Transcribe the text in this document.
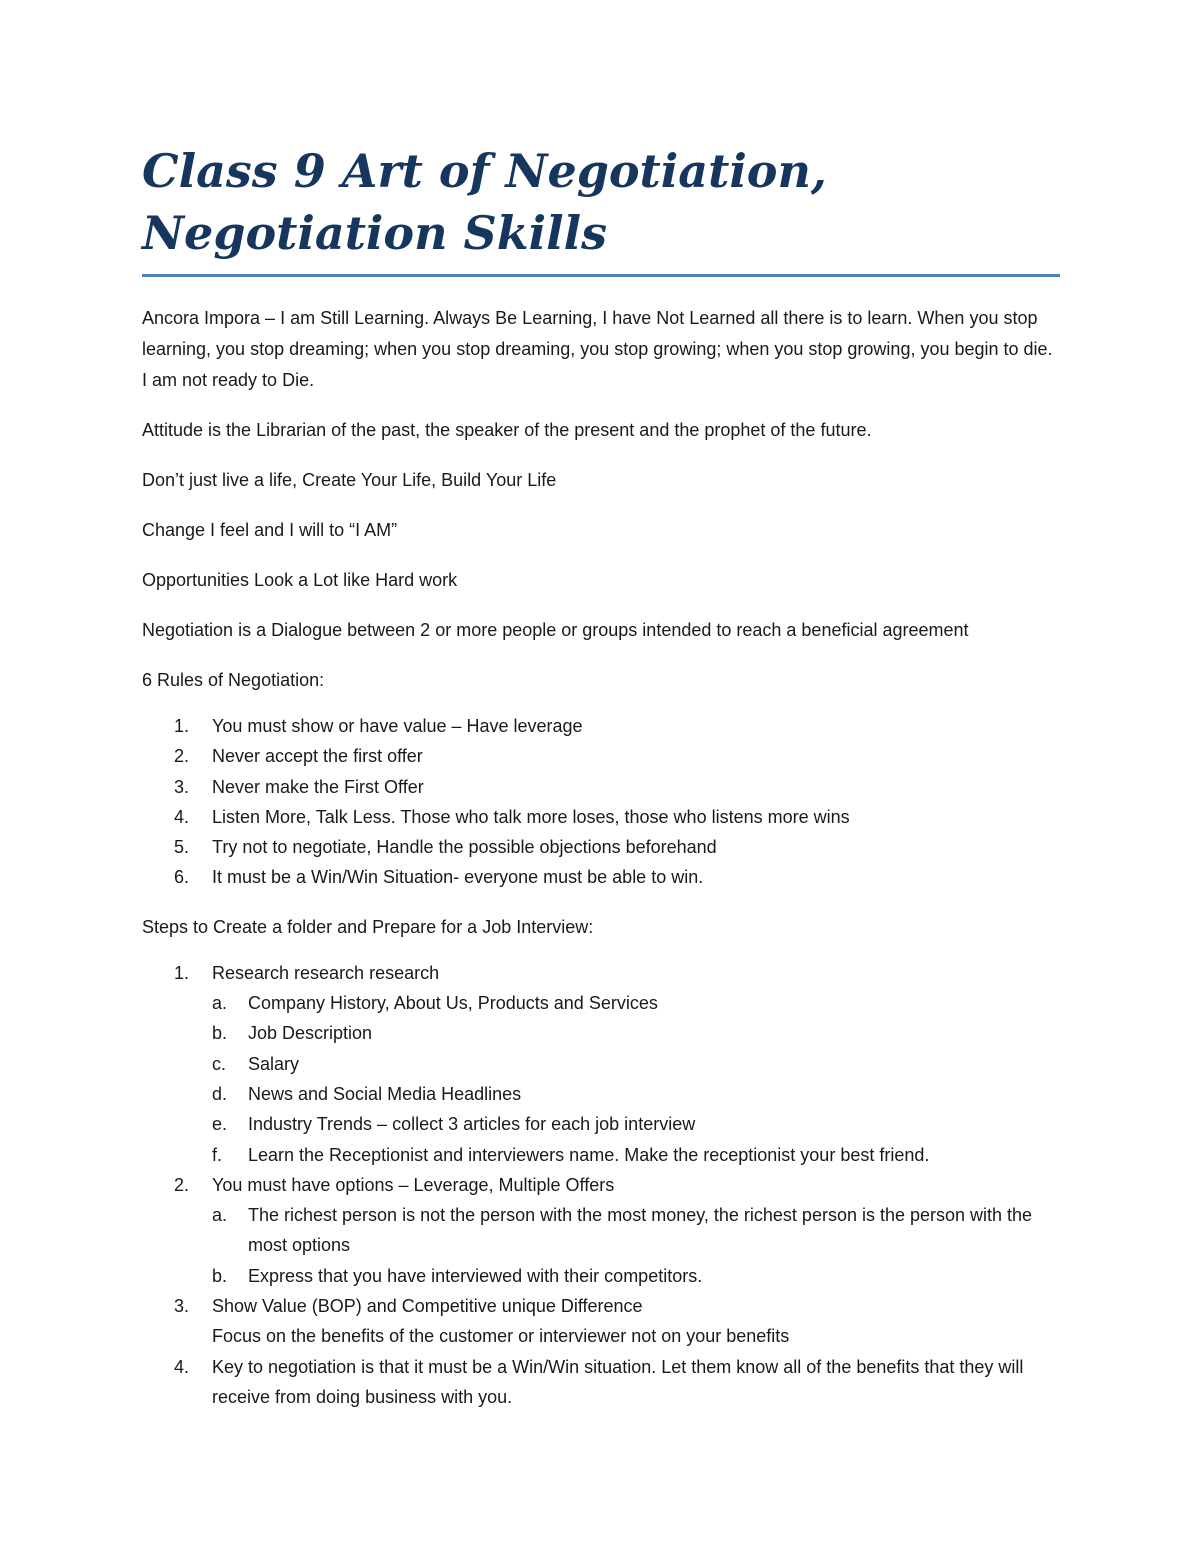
Class 9 Art of Negotiation, Negotiation Skills

Ancora Impora – I am Still Learning. Always Be Learning, I have Not Learned all there is to learn. When you stop learning, you stop dreaming; when you stop dreaming, you stop growing; when you stop growing, you begin to die. I am not ready to Die.

Attitude is the Librarian of the past, the speaker of the present and the prophet of the future.

Don’t just live a life, Create Your Life, Build Your Life

Change I feel and I will to “I AM”

Opportunities Look a Lot like Hard work

Negotiation is a Dialogue between 2 or more people or groups intended to reach a beneficial agreement

6 Rules of Negotiation:

1.	You must show or have value – Have leverage
2.	Never accept the first offer
3.	Never make the First Offer
4.	Listen More, Talk Less. Those who talk more loses, those who listens more wins
5.	Try not to negotiate, Handle the possible objections beforehand
6.	It must be a Win/Win Situation- everyone must be able to win.

Steps to Create a folder and Prepare for a Job Interview:

1.	Research research research
a.	Company History, About Us, Products and Services
b.	Job Description
c.	Salary
d.	News and Social Media Headlines
e.	Industry Trends – collect 3 articles for each job interview
f.	Learn the Receptionist and interviewers name. Make the receptionist your best friend.
2.	You must have options – Leverage, Multiple Offers
a.	The richest person is not the person with the most money, the richest person is the person with the most options
b.	Express that you have interviewed with their competitors.
3.	Show Value (BOP) and Competitive unique Difference
Focus on the benefits of the customer or interviewer not on your benefits
4.	Key to negotiation is that it must be a Win/Win situation. Let them know all of the benefits that they will receive from doing business with you.
